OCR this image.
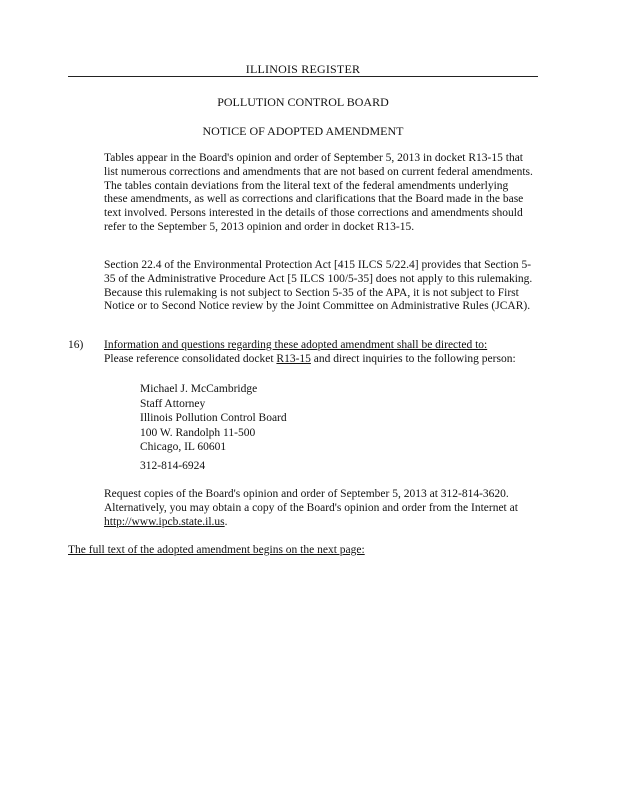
ILLINOIS REGISTER
POLLUTION CONTROL BOARD
NOTICE OF ADOPTED AMENDMENT
Tables appear in the Board's opinion and order of September 5, 2013 in docket R13-15 that list numerous corrections and amendments that are not based on current federal amendments. The tables contain deviations from the literal text of the federal amendments underlying these amendments, as well as corrections and clarifications that the Board made in the base text involved. Persons interested in the details of those corrections and amendments should refer to the September 5, 2013 opinion and order in docket R13-15.
Section 22.4 of the Environmental Protection Act [415 ILCS 5/22.4] provides that Section 5-35 of the Administrative Procedure Act [5 ILCS 100/5-35] does not apply to this rulemaking. Because this rulemaking is not subject to Section 5-35 of the APA, it is not subject to First Notice or to Second Notice review by the Joint Committee on Administrative Rules (JCAR).
16) Information and questions regarding these adopted amendment shall be directed to:
Please reference consolidated docket R13-15 and direct inquiries to the following person:
Michael J. McCambridge
Staff Attorney
Illinois Pollution Control Board
100 W. Randolph 11-500
Chicago, IL 60601
312-814-6924
Request copies of the Board's opinion and order of September 5, 2013 at 312-814-3620. Alternatively, you may obtain a copy of the Board's opinion and order from the Internet at http://www.ipcb.state.il.us.
The full text of the adopted amendment begins on the next page:
